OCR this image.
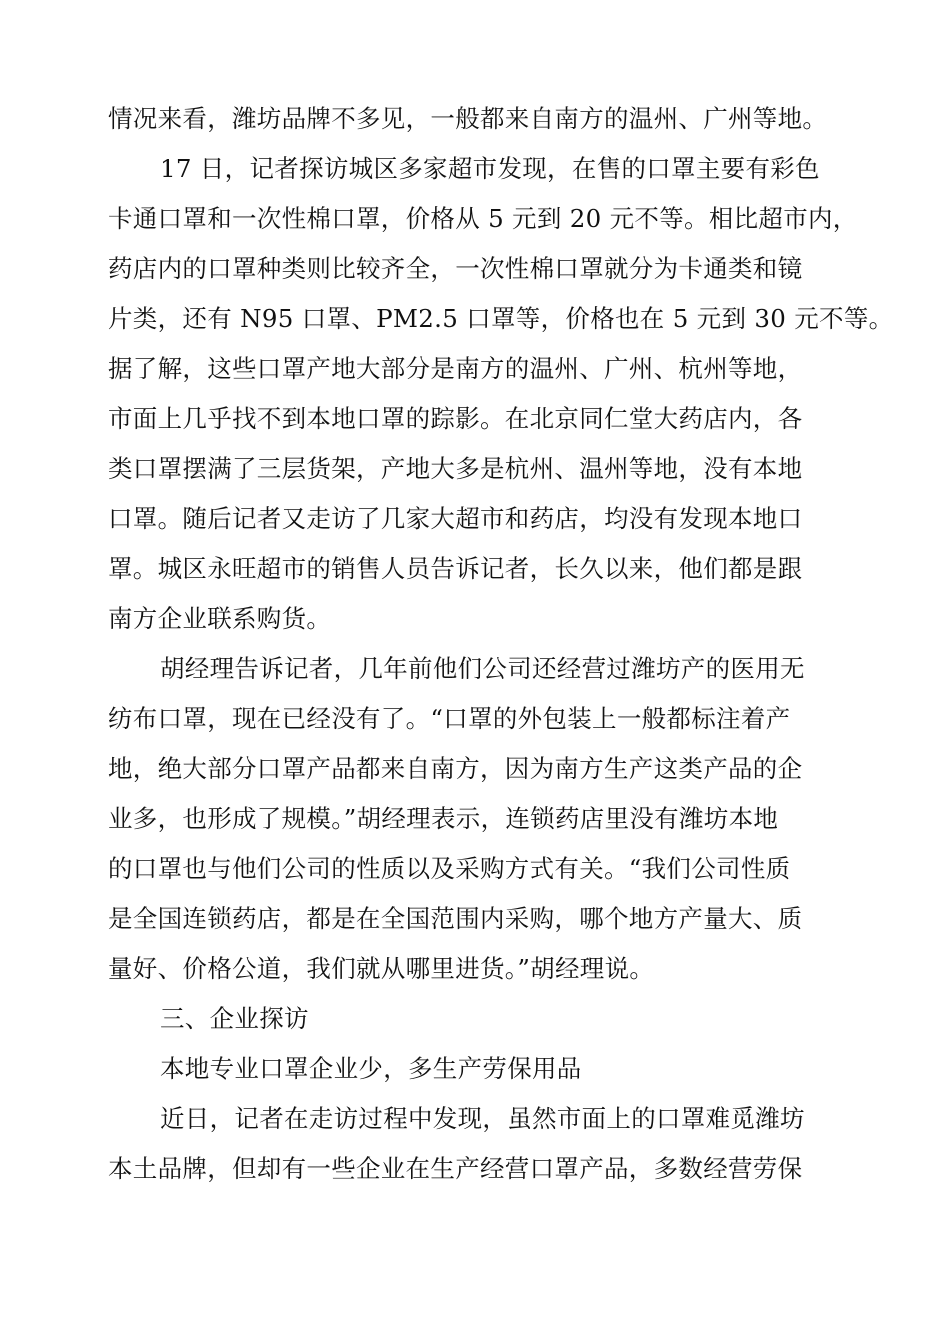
情况来看，潍坊品牌不多见，一般都来自南方的温州、广州等地。
17 日，记者探访城区多家超市发现，在售的口罩主要有彩色
卡通口罩和一次性棉口罩，价格从 5 元到 20 元不等。相比超市内，
药店内的口罩种类则比较齐全，一次性棉口罩就分为卡通类和镜
片类，还有 N95 口罩、PM2.5 口罩等，价格也在 5 元到 30 元不等。
据了解，这些口罩产地大部分是南方的温州、广州、杭州等地，
市面上几乎找不到本地口罩的踪影。在北京同仁堂大药店内，各
类口罩摆满了三层货架，产地大多是杭州、温州等地，没有本地
口罩。随后记者又走访了几家大超市和药店，均没有发现本地口
罩。城区永旺超市的销售人员告诉记者，长久以来，他们都是跟
南方企业联系购货。
胡经理告诉记者，几年前他们公司还经营过潍坊产的医用无
纺布口罩，现在已经没有了。“口罩的外包装上一般都标注着产
地，绝大部分口罩产品都来自南方，因为南方生产这类产品的企
业多，也形成了规模。”胡经理表示，连锁药店里没有潍坊本地
的口罩也与他们公司的性质以及采购方式有关。“我们公司性质
是全国连锁药店，都是在全国范围内采购，哪个地方产量大、质
量好、价格公道，我们就从哪里进货。”胡经理说。
三、企业探访
本地专业口罩企业少，多生产劳保用品
近日，记者在走访过程中发现，虽然市面上的口罩难觅潍坊
本土品牌，但却有一些企业在生产经营口罩产品，多数经营劳保
